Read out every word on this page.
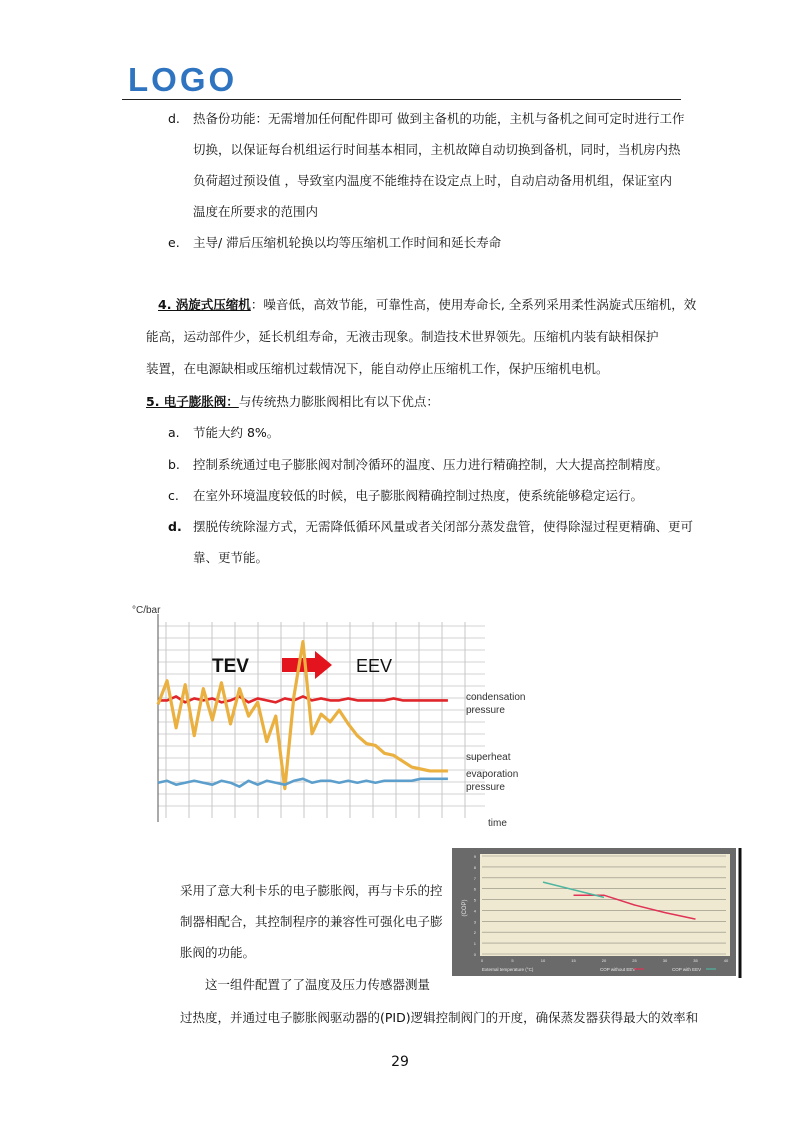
LOGO
d. 热备份功能：无需增加任何配件即可 做到主备机的功能，主机与备机之间可定时进行工作
切换，以保证每台机组运行时间基本相同，主机故障自动切换到备机，同时，当机房内热
负荷超过预设值 ，导致室内温度不能维持在设定点上时，自动启动备用机组，保证室内
温度在所要求的范围内
e. 主导/ 滞后压缩机轮换以均等压缩机工作时间和延长寿命
4. 涡旋式压缩机：噪音低，高效节能，可靠性高，使用寿命长, 全系列采用柔性涡旋式压缩机，效
能高，运动部件少，延长机组寿命，无液击现象。制造技术世界领先。压缩机内装有缺相保护
装置，在电源缺相或压缩机过载情况下，能自动停止压缩机工作，保护压缩机电机。
5. 电子膨胀阀：与传统热力膨胀阀相比有以下优点：
a. 节能大约 8%。
b. 控制系统通过电子膨胀阀对制冷循环的温度、压力进行精确控制，大大提高控制精度。
c. 在室外环境温度较低的时候，电子膨胀阀精确控制过热度，使系统能够稳定运行。
d. 摆脱传统除湿方式，无需降低循环风量或者关闭部分蒸发盘管，使得除湿过程更精确、更可
靠、更节能。
°C/bar
time
TEV	EEV
condensation
pressure
superheat
evaporation
pressure
0
1
2
3
4
5
6
7
8
9
0	5	10	15	20	25	30	35	40
(COP)
External temperature (°C)	COP without EEV	COP with EEV
采用了意大利卡乐的电子膨胀阀，再与卡乐的控
制器相配合，其控制程序的兼容性可强化电子膨
胀阀的功能。
这一组件配置了了温度及压力传感器测量
过热度，并通过电子膨胀阀驱动器的(PID)逻辑控制阀门的开度，确保蒸发器获得最大的效率和
29
